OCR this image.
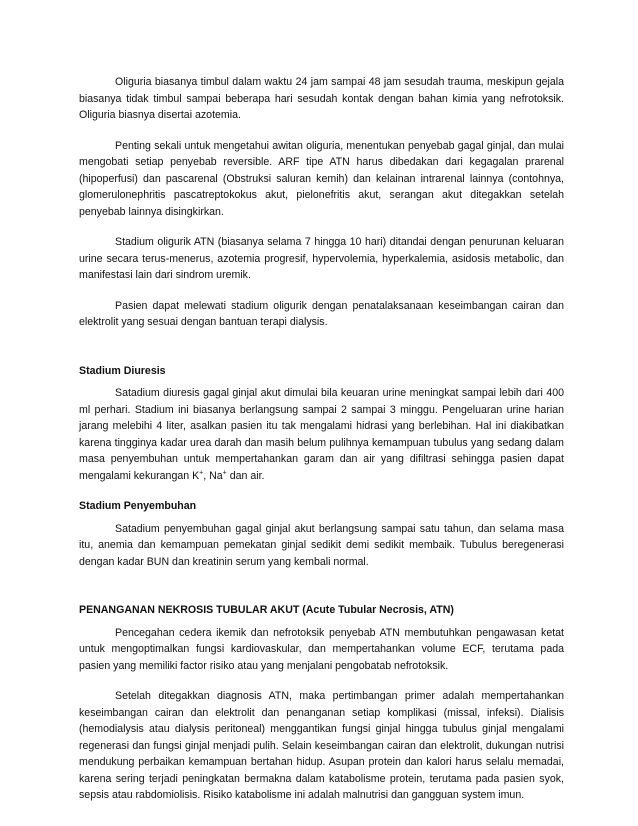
Oliguria biasanya timbul dalam waktu 24 jam sampai 48 jam sesudah trauma, meskipun gejala biasanya tidak timbul sampai beberapa hari sesudah kontak dengan bahan kimia yang nefrotoksik. Oliguria biasnya disertai azotemia.

Penting sekali untuk mengetahui awitan oliguria, menentukan penyebab gagal ginjal, dan mulai mengobati setiap penyebab reversible. ARF tipe ATN harus dibedakan dari kegagalan prarenal (hipoperfusi) dan pascarenal (Obstruksi saluran kemih) dan kelainan intrarenal lainnya (contohnya, glomerulonephritis pascatreptokokus akut, pielonefritis akut, serangan akut ditegakkan setelah penyebab lainnya disingkirkan.

Stadium oligurik ATN (biasanya selama 7 hingga 10 hari) ditandai dengan penurunan keluaran urine secara terus-menerus, azotemia progresif, hypervolemia, hyperkalemia, asidosis metabolic, dan manifestasi lain dari sindrom uremik.

Pasien dapat melewati stadium oligurik dengan penatalaksanaan keseimbangan cairan dan elektrolit yang sesuai dengan bantuan terapi dialysis.

Stadium Diuresis

Satadium diuresis gagal ginjal akut dimulai bila keuaran urine meningkat sampai lebih dari 400 ml perhari. Stadium ini biasanya berlangsung sampai 2 sampai 3 minggu. Pengeluaran urine harian jarang melebihi 4 liter, asalkan pasien itu tak mengalami hidrasi yang berlebihan. Hal ini diakibatkan karena tingginya kadar urea darah dan masih belum pulihnya kemampuan tubulus yang sedang dalam masa penyembuhan untuk mempertahankan garam dan air yang difiltrasi sehingga pasien dapat mengalami kekurangan K+, Na+ dan air.

Stadium Penyembuhan

Satadium penyembuhan gagal ginjal akut berlangsung sampai satu tahun, dan selama masa itu, anemia dan kemampuan pemekatan ginjal sedikit demi sedikit membaik. Tubulus beregenerasi dengan kadar BUN dan kreatinin serum yang kembali normal.

PENANGANAN NEKROSIS TUBULAR AKUT (Acute Tubular Necrosis, ATN)

Pencegahan cedera ikemik dan nefrotoksik penyebab ATN membutuhkan pengawasan ketat untuk mengoptimalkan fungsi kardiovaskular, dan mempertahankan volume ECF, terutama pada pasien yang memiliki factor risiko atau yang menjalani pengobatab nefrotoksik.

Setelah ditegakkan diagnosis ATN, maka pertimbangan primer adalah mempertahankan keseimbangan cairan dan elektrolit dan penanganan setiap komplikasi (missal, infeksi). Dialisis (hemodialysis atau dialysis peritoneal) menggantikan fungsi ginjal hingga tubulus ginjal mengalami regenerasi dan fungsi ginjal menjadi pulih. Selain keseimbangan cairan dan elektrolit, dukungan nutrisi mendukung perbaikan kemampuan bertahan hidup. Asupan protein dan kalori harus selalu memadai, karena sering terjadi peningkatan bermakna dalam katabolisme protein, terutama pada pasien syok, sepsis atau rabdomiolisis. Risiko katabolisme ini adalah malnutrisi dan gangguan system imun.
